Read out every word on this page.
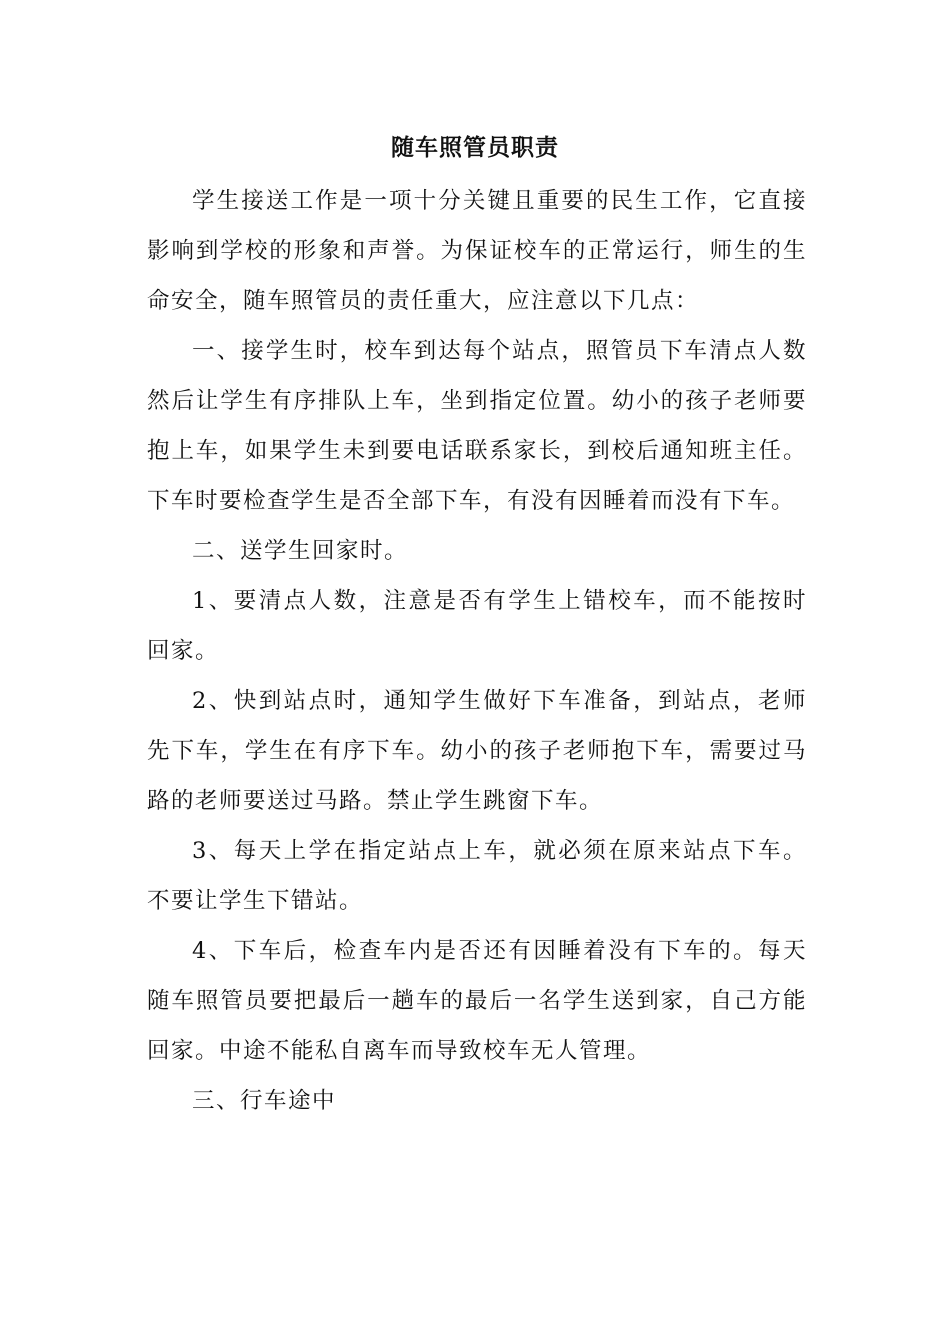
随车照管员职责

学生接送工作是一项十分关键且重要的民生工作，它直接影响到学校的形象和声誉。为保证校车的正常运行，师生的生命安全，随车照管员的责任重大，应注意以下几点：

一、接学生时，校车到达每个站点，照管员下车清点人数然后让学生有序排队上车，坐到指定位置。幼小的孩子老师要抱上车，如果学生未到要电话联系家长，到校后通知班主任。下车时要检查学生是否全部下车，有没有因睡着而没有下车。

二、送学生回家时。

1、要清点人数，注意是否有学生上错校车，而不能按时回家。

2、快到站点时，通知学生做好下车准备，到站点，老师先下车，学生在有序下车。幼小的孩子老师抱下车，需要过马路的老师要送过马路。禁止学生跳窗下车。

3、每天上学在指定站点上车，就必须在原来站点下车。不要让学生下错站。

4、下车后，检查车内是否还有因睡着没有下车的。每天随车照管员要把最后一趟车的最后一名学生送到家，自己方能回家。中途不能私自离车而导致校车无人管理。

三、行车途中
